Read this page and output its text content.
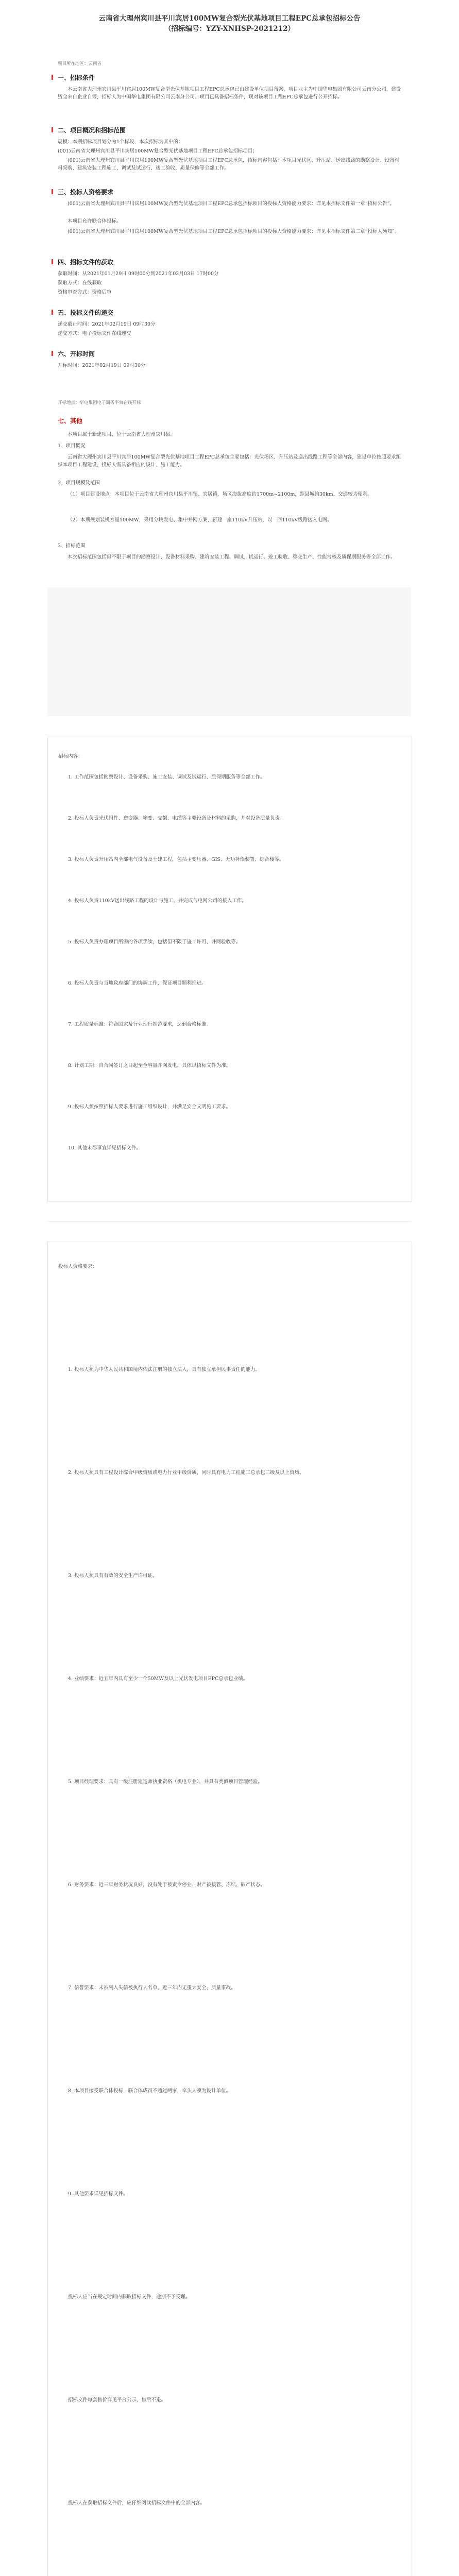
云南省大理州宾川县平川宾居100MW复合型光伏基地项目工程EPC总承包招标公告
（招标编号：YZY-XNHSP-2021212）
项目所在地区：云南省
一、招标条件
本云南省大理州宾川县平川宾居100MW复合型光伏基地项目工程EPC总承包已由建设单位项目备案，项目业主为中国华电集团有限公司云南分公司，建设资金来自企业自筹，招标人为中国华电集团有限公司云南分公司。项目已具备招标条件，现对该项目工程EPC总承包进行公开招标。
二、项目概况和招标范围
规模：本期招标项目划分为1个标段，本次招标为其中的：
(001)云南省大理州宾川县平川宾居100MW复合型光伏基地项目工程EPC总承包招标项目；
(001)云南省大理州宾川县平川宾居100MW复合型光伏基地项目工程EPC总承包，招标内容包括：本项目光伏区、升压站、送出线路的勘察设计、设备材料采购、建筑安装工程施工、调试及试运行、竣工验收、质量保修等全部工作。
三、投标人资格要求
(001)云南省大理州宾川县平川宾居100MW复合型光伏基地项目工程EPC总承包招标项目的投标人资格能力要求：详见本招标文件第一章“招标公告”。
本项目允许联合体投标。
(001)云南省大理州宾川县平川宾居100MW复合型光伏基地项目工程EPC总承包招标项目的投标人资格能力要求：详见本招标文件第二章“投标人须知”。
四、招标文件的获取
获取时间：从2021年01月29日 09时00分到2021年02月03日 17时00分
获取方式：在线获取
资格审查方式：资格后审
五、投标文件的递交
递交截止时间：2021年02月19日 09时30分
递交方式：电子投标文件在线递交
六、开标时间
开标时间：2021年02月19日 09时30分
开标地点：华电集团电子商务平台在线开标
七、其他
本项目属于新建项目，位于云南省大理州宾川县。
1、项目概况
云南省大理州宾川县平川宾居100MW复合型光伏基地项目工程EPC总承包主要包括：光伏场区、升压站及送出线路工程等全部内容，建设单位按照要求组织本项目工程建设，投标人需具备相应的设计、施工能力。
2、项目规模及范围
（1）项目建设地点：本项目位于云南省大理州宾川县平川镇、宾居镇，场区海拔高度约1700m~2100m，距县城约30km，交通较为便利。
（2）本期规划装机容量100MW，采用分块发电、集中并网方案，新建一座110kV升压站，以一回110kV线路接入电网。
3、招标范围
本次招标范围包括但不限于项目的勘察设计、设备材料采购、建筑安装工程、调试、试运行、竣工验收、移交生产、性能考核及质保期服务等全部工作。
招标内容：
1. 工作范围包括勘察设计、设备采购、施工安装、调试及试运行、质保期服务等全部工作。
2. 投标人负责光伏组件、逆变器、箱变、支架、电缆等主要设备及材料的采购，并对设备质量负责。
3. 投标人负责升压站内全部电气设备及土建工程，包括主变压器、GIS、无功补偿装置、综合楼等。
4. 投标人负责110kV送出线路工程的设计与施工，并完成与电网公司的接入工作。
5. 投标人负责办理项目所需的各项手续，包括但不限于施工许可、并网验收等。
6. 投标人负责与当地政府部门的协调工作，保证项目顺利推进。
7. 工程质量标准：符合国家及行业现行规范要求，达到合格标准。
8. 计划工期：自合同签订之日起至全容量并网发电，具体以招标文件为准。
9. 投标人须按照招标人要求进行施工组织设计，并满足安全文明施工要求。
10. 其他未尽事宜详见招标文件。
投标人资格要求：
1. 投标人须为中华人民共和国境内依法注册的独立法人，具有独立承担民事责任的能力。
2. 投标人须具有工程设计综合甲级资质或电力行业甲级资质，同时具有电力工程施工总承包二级及以上资质。
3. 投标人须具有有效的安全生产许可证。
4. 业绩要求：近五年内具有至少一个50MW及以上光伏发电项目EPC总承包业绩。
5. 项目经理要求：具有一级注册建造师执业资格（机电专业），并具有类似项目管理经验。
6. 财务要求：近三年财务状况良好，没有处于被责令停业、财产被接管、冻结、破产状态。
7. 信誉要求：未被列入失信被执行人名单，近三年内无重大安全、质量事故。
8. 本项目接受联合体投标，联合体成员不超过两家，牵头人须为设计单位。
9. 其他要求详见招标文件。
投标人应当在规定时间内获取招标文件，逾期不予受理。
招标文件每套售价详见平台公示，售后不退。
投标人在获取招标文件后，应仔细阅读招标文件中的全部内容。
